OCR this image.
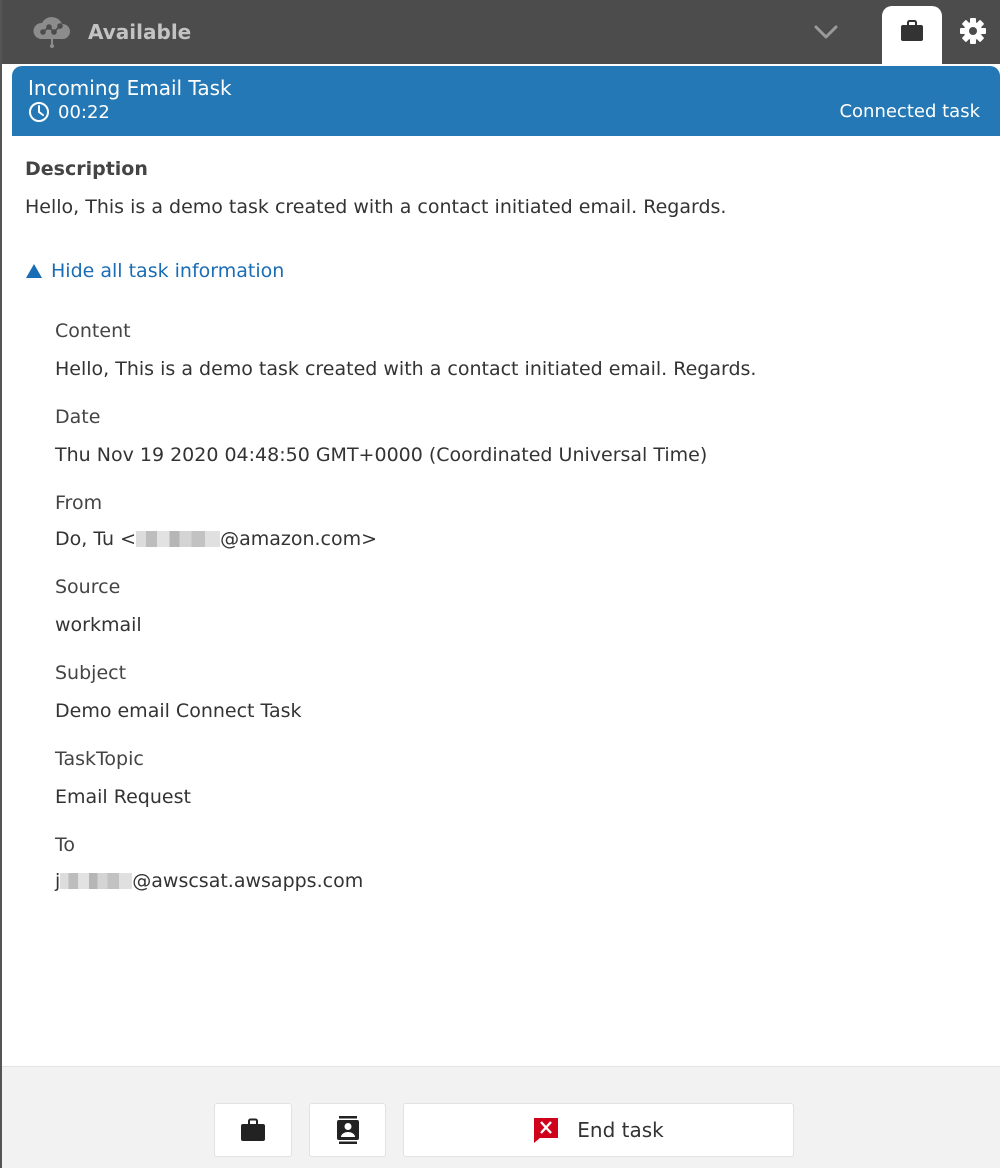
Available
Incoming Email Task
00:22	Connected task
Description
Hello, This is a demo task created with a contact initiated email. Regards.
Hide all task information
Content
Hello, This is a demo task created with a contact initiated email. Regards.
Date
Thu Nov 19 2020 04:48:50 GMT+0000 (Coordinated Universal Time)
From
Do, Tu <	@amazon.com>
Source
workmail
Subject
Demo email Connect Task
TaskTopic
Email Request
To
j	@awscsat.awsapps.com
End task
